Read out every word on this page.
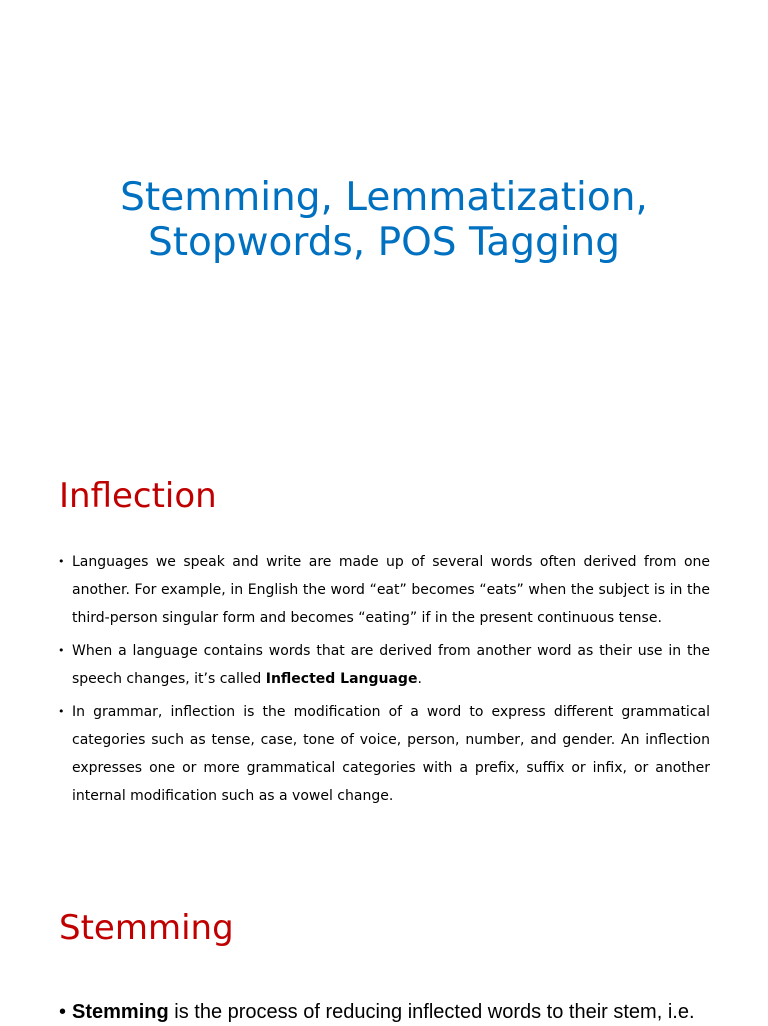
Stemming, Lemmatization,
Stopwords, POS Tagging
Inflection
• Languages we speak and write are made up of several words often derived from one another. For example, in English the word “eat” becomes “eats” when the subject is in the third-person singular form and becomes “eating” if in the present continuous tense.
• When a language contains words that are derived from another word as their use in the speech changes, it’s called Inflected Language.
• In grammar, inflection is the modification of a word to express different grammatical categories such as tense, case, tone of voice, person, number, and gender. An inflection expresses one or more grammatical categories with a prefix, suffix or infix, or another internal modification such as a vowel change.
Stemming
• Stemming is the process of reducing inflected words to their stem, i.e.
